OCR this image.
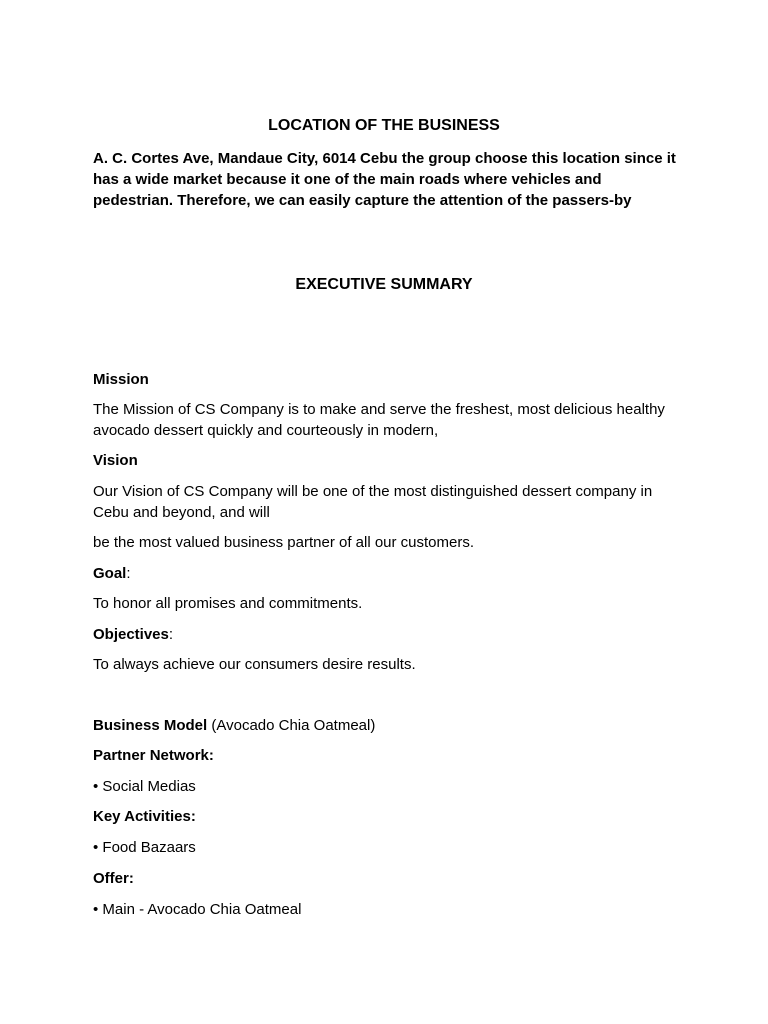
LOCATION OF THE BUSINESS
A. C. Cortes Ave, Mandaue City, 6014 Cebu the group choose this location since it has a wide market because it one of the main roads where vehicles and pedestrian. Therefore, we can easily capture the attention of the passers-by
EXECUTIVE SUMMARY
Mission
The Mission of CS Company is to make and serve the freshest, most delicious healthy avocado dessert quickly and courteously in modern,
Vision
Our Vision of CS Company will be one of the most distinguished dessert company in Cebu and beyond, and will
be the most valued business partner of all our customers.
Goal:
To honor all promises and commitments.
Objectives:
To always achieve our consumers desire results.
Business Model (Avocado Chia Oatmeal)
Partner Network:
• Social Medias
Key Activities:
• Food Bazaars
Offer:
• Main - Avocado Chia Oatmeal
